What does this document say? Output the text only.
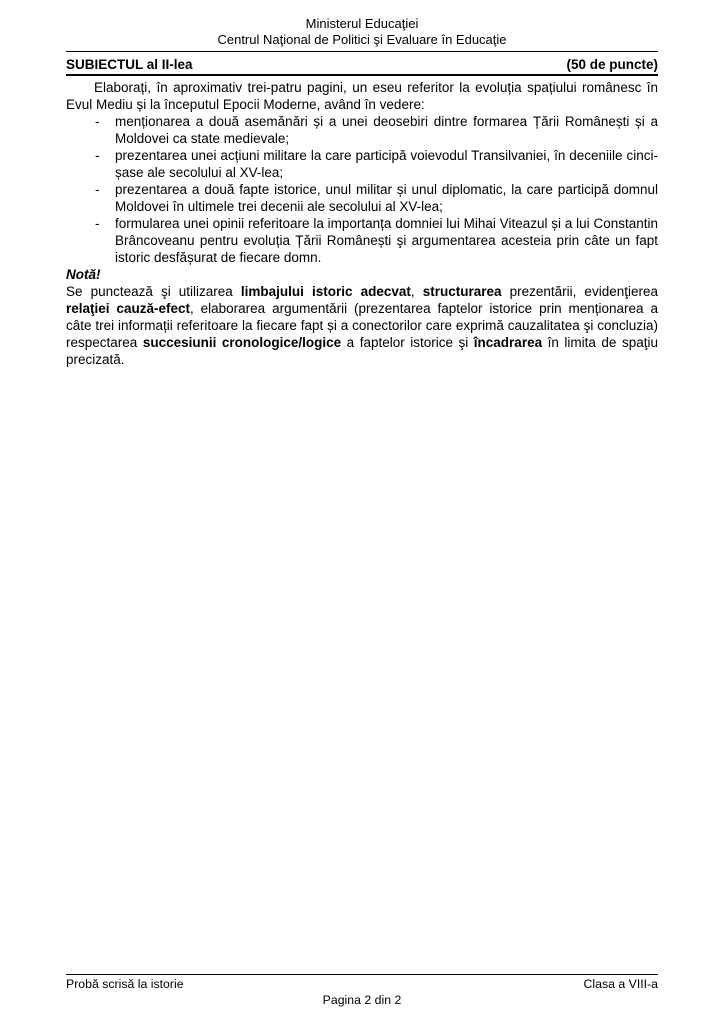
Ministerul Educaţiei
Centrul Naţional de Politici şi Evaluare în Educaţie
SUBIECTUL al II-lea	(50 de puncte)

Elaborați, în aproximativ trei-patru pagini, un eseu referitor la evoluția spațiului românesc în Evul Mediu și la începutul Epocii Moderne, având în vedere:

-	menționarea a două asemănări și a unei deosebiri dintre formarea Țării Românești și a Moldovei ca state medievale;
-	prezentarea unei acțiuni militare la care participă voievodul Transilvaniei, în deceniile cinci-șase ale secolului al XV-lea;
-	prezentarea a două fapte istorice, unul militar și unul diplomatic, la care participă domnul Moldovei în ultimele trei decenii ale secolului al XV-lea;
-	formularea unei opinii referitoare la importanța domniei lui Mihai Viteazul și a lui Constantin Brâncoveanu pentru evoluția Țării Românești şi argumentarea acesteia prin câte un fapt istoric desfășurat de fiecare domn.
Notă!

Se punctează şi utilizarea limbajului istoric adecvat, structurarea prezentării, evidenţierea relaţiei cauză-efect, elaborarea argumentării (prezentarea faptelor istorice prin menționarea a câte trei informații referitoare la fiecare fapt și a conectorilor care exprimă cauzalitatea şi concluzia) respectarea succesiunii cronologice/logice a faptelor istorice şi încadrarea în limita de spaţiu precizată.

Probă scrisă la istorie	Clasa a VIII-a
Pagina 2 din 2
